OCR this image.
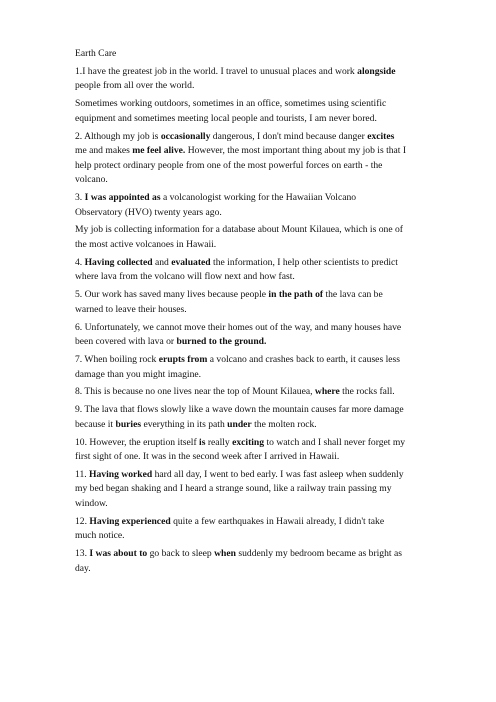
Earth Care
1.I have the greatest job in the world. I travel to unusual places and work alongside
people from all over the world.
Sometimes working outdoors, sometimes in an office, sometimes using scientific
equipment and sometimes meeting local people and tourists, I am never bored.
2. Although my job is occasionally dangerous, I don't mind because danger excites
me and makes me feel alive. However, the most important thing about my job is that I
help protect ordinary people from one of the most powerful forces on earth - the
volcano.
3. I was appointed as a volcanologist working for the Hawaiian Volcano
Observatory (HVO) twenty years ago.
My job is collecting information for a database about Mount Kilauea, which is one of
the most active volcanoes in Hawaii.
4. Having collected and evaluated the information, I help other scientists to predict
where lava from the volcano will flow next and how fast.
5. Our work has saved many lives because people in the path of the lava can be
warned to leave their houses.
6. Unfortunately, we cannot move their homes out of the way, and many houses have
been covered with lava or burned to the ground.
7. When boiling rock erupts from a volcano and crashes back to earth, it causes less
damage than you might imagine.
8. This is because no one lives near the top of Mount Kilauea, where the rocks fall.
9. The lava that flows slowly like a wave down the mountain causes far more damage
because it buries everything in its path under the molten rock.
10. However, the eruption itself is really exciting to watch and I shall never forget my
first sight of one. It was in the second week after I arrived in Hawaii.
11. Having worked hard all day, I went to bed early. I was fast asleep when suddenly
my bed began shaking and I heard a strange sound, like a railway train passing my
window.
12. Having experienced quite a few earthquakes in Hawaii already, I didn't take
much notice.
13. I was about to go back to sleep when suddenly my bedroom became as bright as
day.
